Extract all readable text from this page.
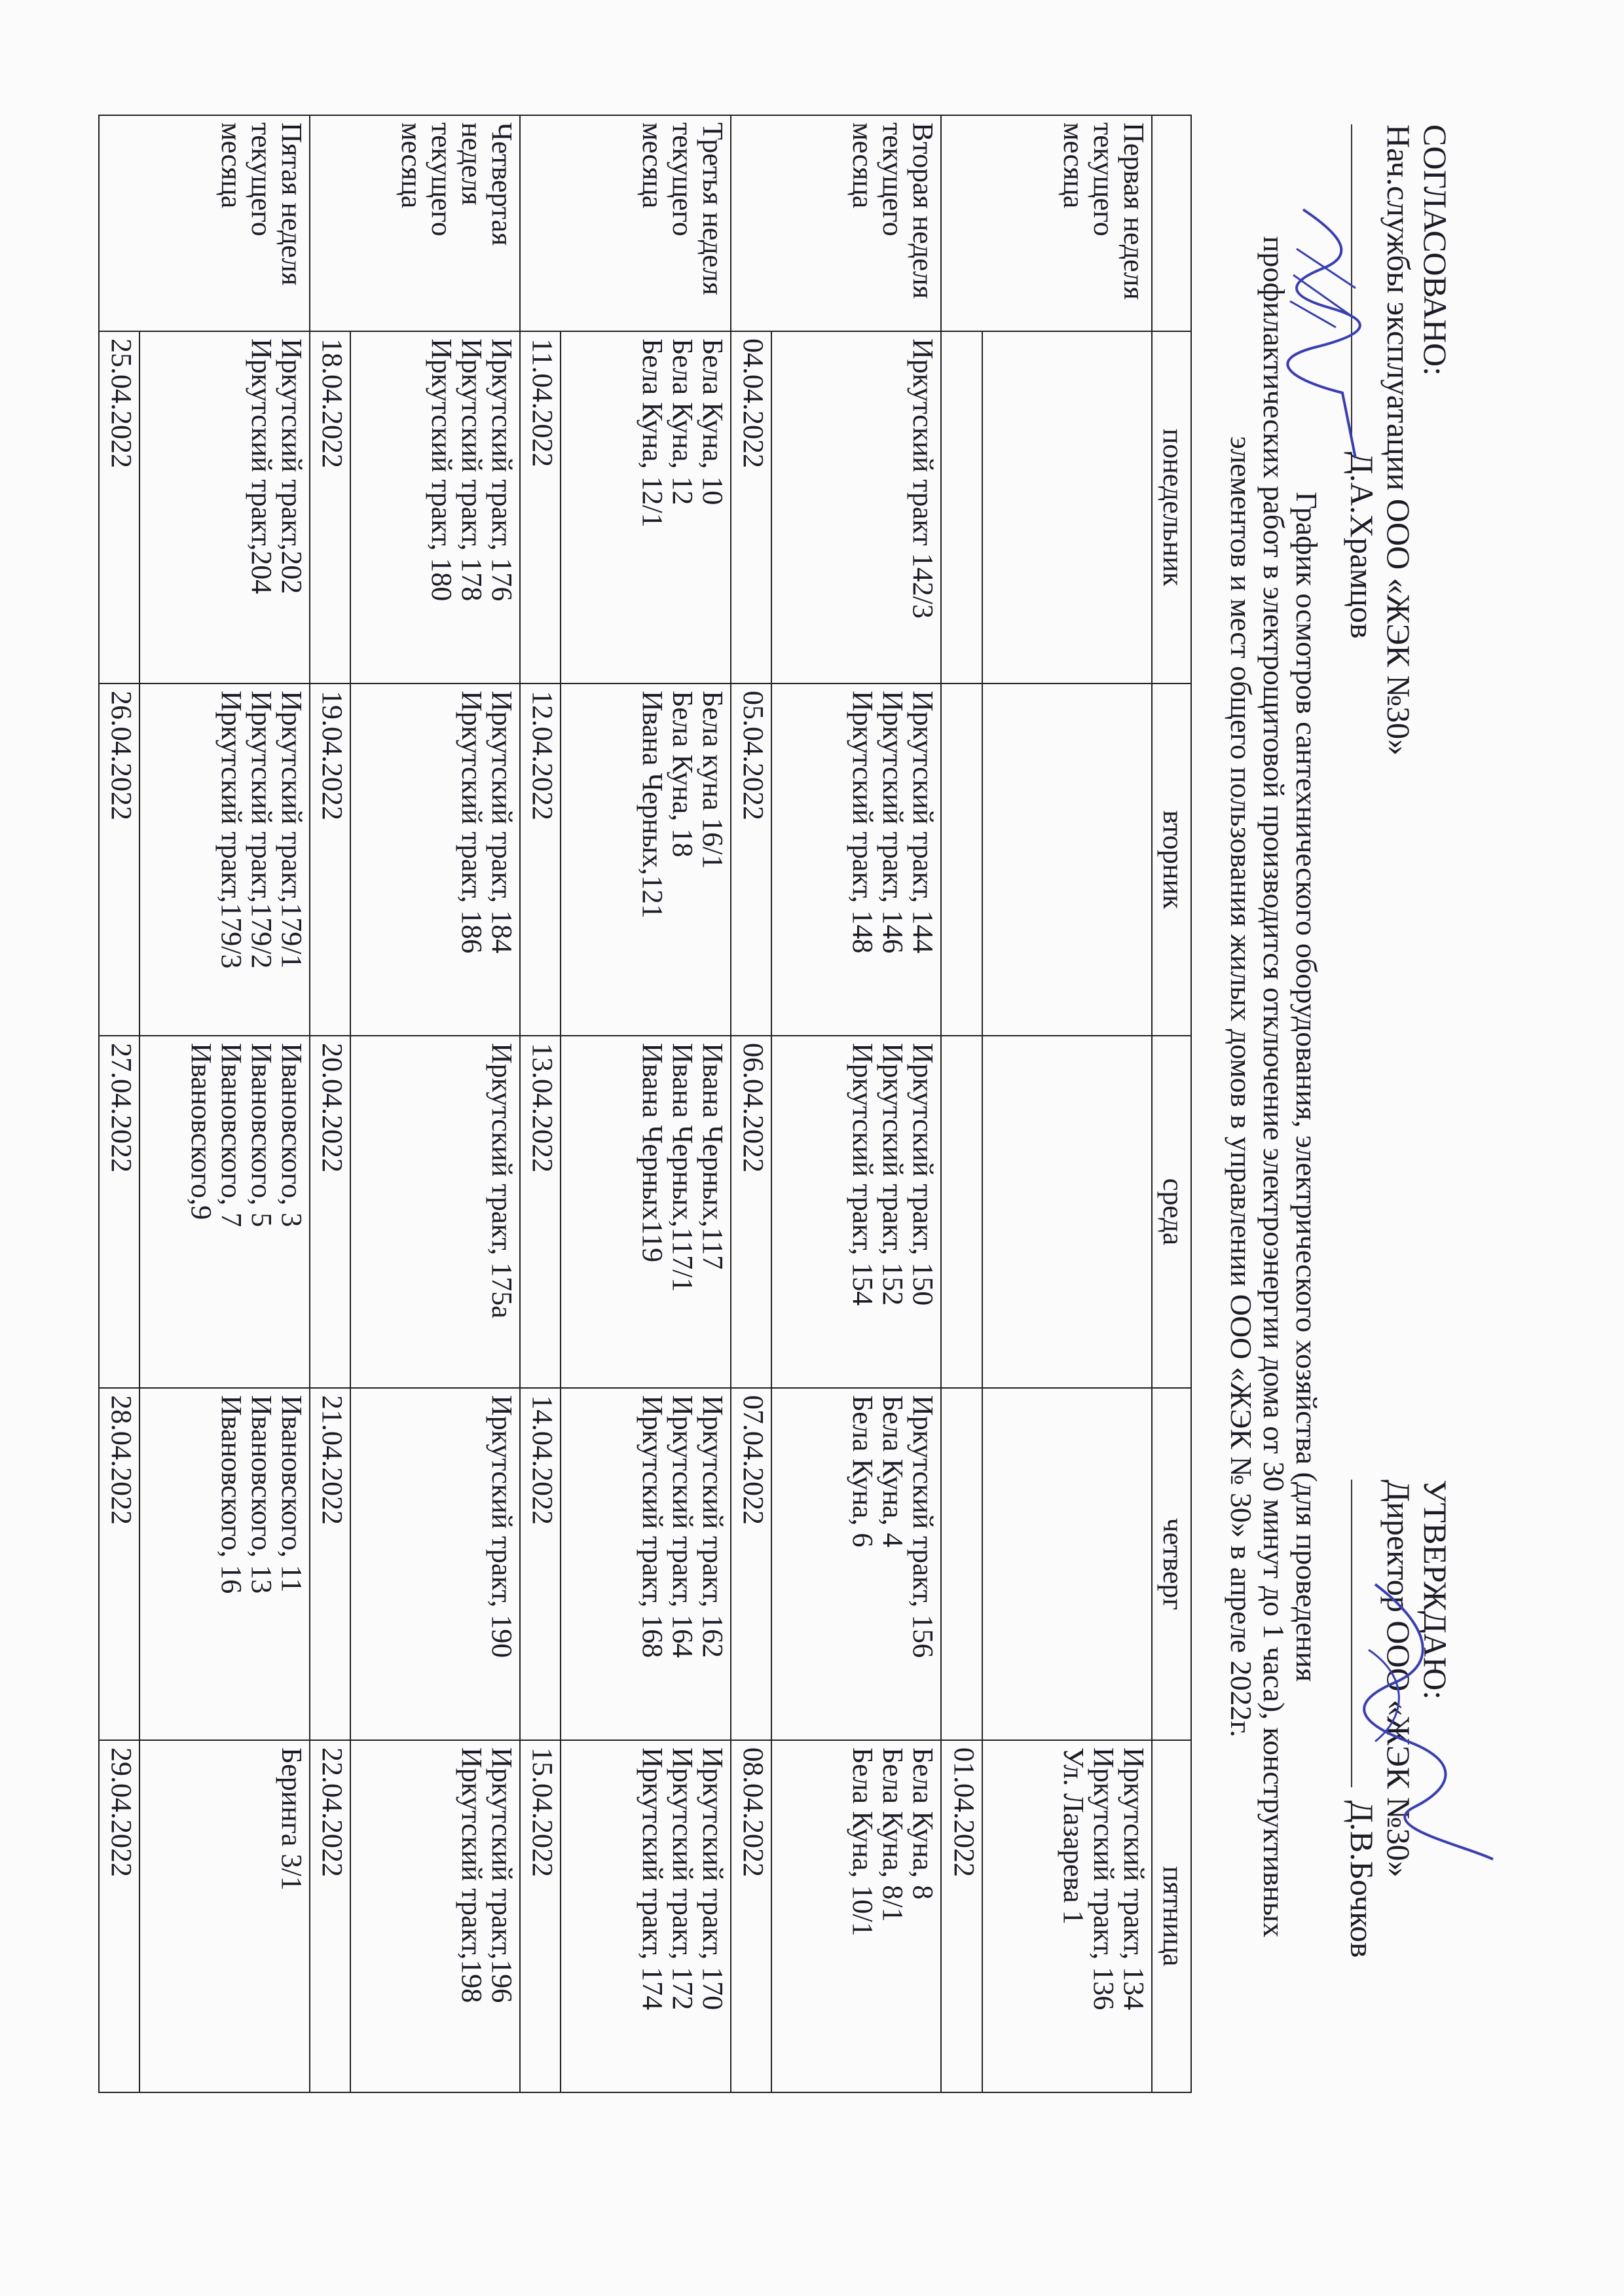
СОГЛАСОВАНО:
Нач.службы эксплуатации ООО «ЖЭК №30»
Д.А.Храмцов
УТВЕРЖДАЮ:
Директор ООО «ЖЭК №30»
Д.В.Бочков
График осмотров сантехнического оборудования, электрического хозяйства (для проведения
профилактических работ в электрощитовой производится отключение электроэнергии дома от 30 минут до 1 часа), конструктивных
элементов и мест общего пользования жилых домов в управлении ООО «ЖЭК № 30» в апреле 2022г.
	понедельник	вторник	среда	четверг	пятница
Первая неделя текущего месяца					Иркутский тракт, 134
Иркутский тракт, 136
Ул. Лазарева 1

					01.04.2022
Вторая неделя текущего месяца	Иркутский тракт 142/3	Иркутский тракт, 144
Иркутский тракт, 146
Иркутский тракт, 148	Иркутский тракт, 150
Иркутский тракт, 152
Иркутский тракт, 154	Иркутский тракт, 156
Бела Куна, 4
Бела Куна, 6	Бела Куна, 8
Бела Куна, 8/1
Бела Куна, 10/1

	04.04.2022	05.04.2022	06.04.2022	07.04.2022	08.04.2022
Третья неделя текущего месяца	Бела Куна, 10
Бела Куна, 12
Бела Куна, 12/1	Бела куна 16/1
Бела Куна, 18
Ивана Черных,121	Ивана Черных,117
Ивана Черных,117/1
Ивана Черных119	Иркутский тракт, 162
Иркутский тракт, 164
Иркутский тракт, 168	Иркутский тракт, 170
Иркутский тракт, 172
Иркутский тракт, 174

	11.04.2022	12.04.2022	13.04.2022	14.04.2022	15.04.2022
Четвертая неделя текущего месяца	Иркутский тракт, 176
Иркутский тракт, 178
Иркутский тракт, 180	Иркутский тракт, 184
Иркутский тракт, 186	Иркутский тракт, 175а	Иркутский тракт, 190	Иркутский тракт,196
Иркутский тракт,198

	18.04.2022	19.04.2022	20.04.2022	21.04.2022	22.04.2022
Пятая неделя текущего месяца	Иркутский тракт,202
Иркутский тракт,204	Иркутский тракт,179/1
Иркутский тракт,179/2
Иркутский тракт,179/3	Ивановского, 3
Ивановского, 5
Ивановского, 7
Ивановского,9	Ивановского, 11
Ивановского, 13
Ивановского, 16	Беринга 3/1

	25.04.2022	26.04.2022	27.04.2022	28.04.2022	29.04.2022
